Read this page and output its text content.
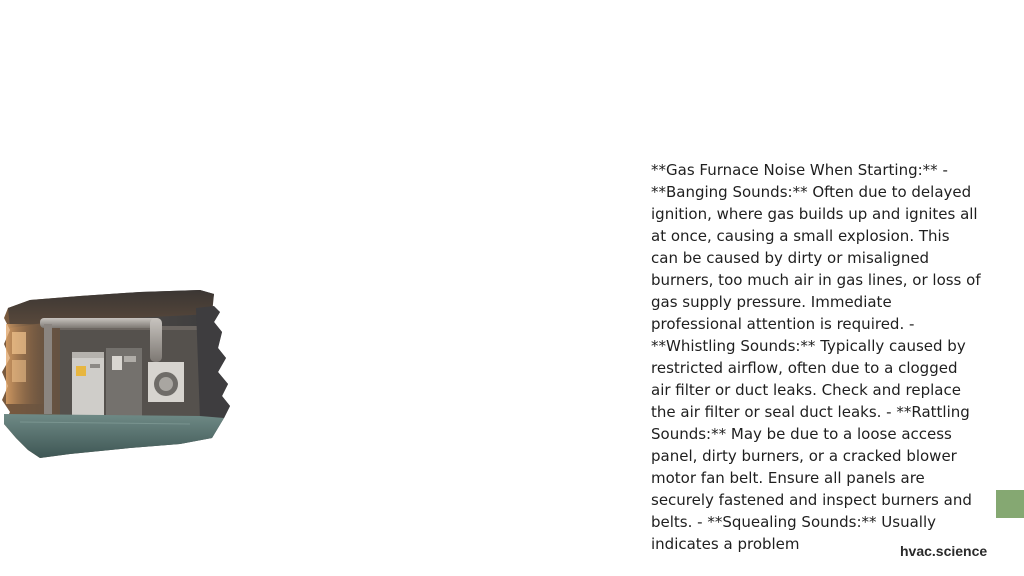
**Gas Furnace Noise When Starting:** - **Banging Sounds:** Often due to delayed ignition, where gas builds up and ignites all at once, causing a small explosion. This can be caused by dirty or misaligned burners, too much air in gas lines, or loss of gas supply pressure. Immediate professional attention is required. - **Whistling Sounds:** Typically caused by restricted airflow, often due to a clogged air filter or duct leaks. Check and replace the air filter or seal duct leaks. - **Rattling Sounds:** May be due to a loose access panel, dirty burners, or a cracked blower motor fan belt. Ensure all panels are securely fastened and inspect burners and belts. - **Squealing Sounds:** Usually indicates a problem	hvac.science
